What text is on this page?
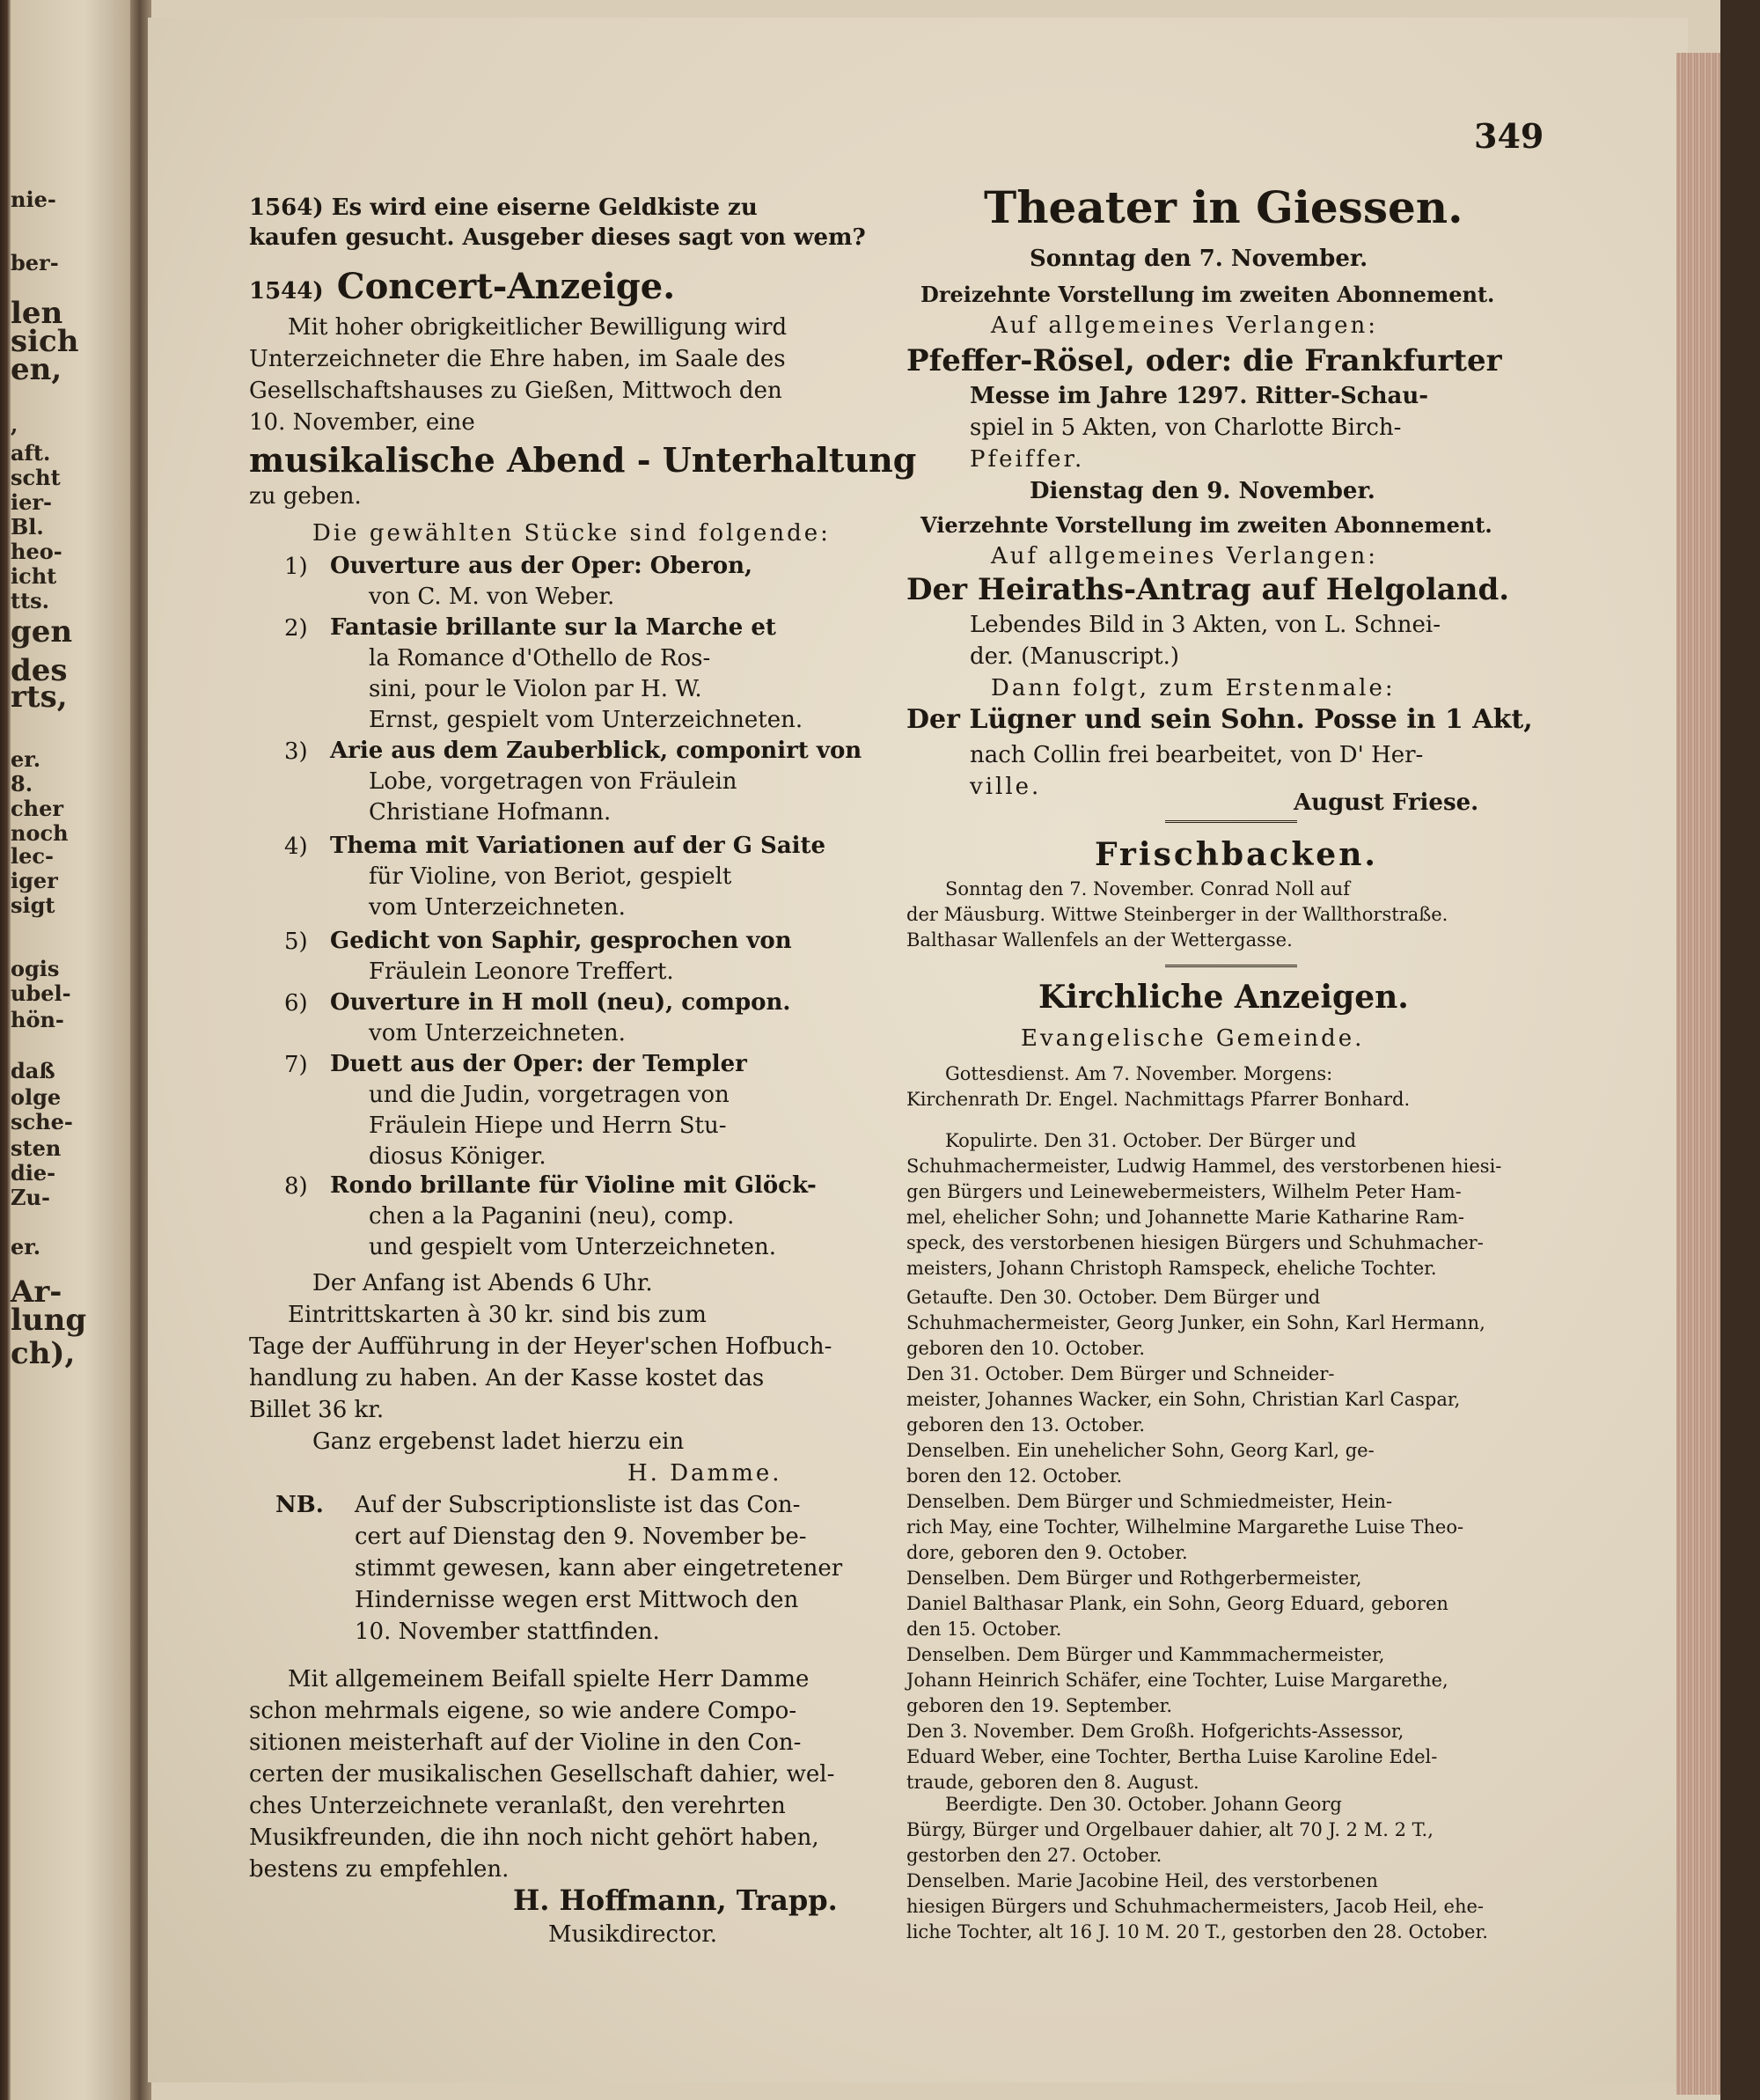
nie-
ber-
len
sich
en,
,
aft.
scht
ier-
Bl.
heo-
icht
tts.
gen
des
rts,
er.
8.
cher
noch
lec-
iger
sigt
ogis
ubel-
hön-
daß
olge
sche-
sten
die-
Zu-
er.
Ar-
lung
ch),
349
1564) Es wird eine eiserne Geldkiste zu
kaufen gesucht. Ausgeber dieses sagt von wem?
1544) Concert-Anzeige.
Mit hoher obrigkeitlicher Bewilligung wird
Unterzeichneter die Ehre haben, im Saale des
Gesellschaftshauses zu Gießen, Mittwoch den
10. November, eine
musikalische Abend - Unterhaltung
zu geben.
Die gewählten Stücke sind folgende:
1) Ouverture aus der Oper: Oberon,
von C. M. von Weber.
2) Fantasie brillante sur la Marche et
la Romance d'Othello de Ros-
sini, pour le Violon par H. W.
Ernst, gespielt vom Unterzeichneten.
3) Arie aus dem Zauberblick, componirt von
Lobe, vorgetragen von Fräulein
Christiane Hofmann.
4) Thema mit Variationen auf der G Saite
für Violine, von Beriot, gespielt
vom Unterzeichneten.
5) Gedicht von Saphir, gesprochen von
Fräulein Leonore Treffert.
6) Ouverture in H moll (neu), compon.
vom Unterzeichneten.
7) Duett aus der Oper: der Templer
und die Judin, vorgetragen von
Fräulein Hiepe und Herrn Stu-
diosus Königer.
8) Rondo brillante für Violine mit Glöck-
chen a la Paganini (neu), comp.
und gespielt vom Unterzeichneten.
Der Anfang ist Abends 6 Uhr.
Eintrittskarten à 30 kr. sind bis zum
Tage der Aufführung in der Heyer'schen Hofbuch-
handlung zu haben. An der Kasse kostet das
Billet 36 kr.
Ganz ergebenst ladet hierzu ein
H. Damme.
NB. Auf der Subscriptionsliste ist das Con-
cert auf Dienstag den 9. November be-
stimmt gewesen, kann aber eingetretener
Hindernisse wegen erst Mittwoch den
10. November stattfinden.
Mit allgemeinem Beifall spielte Herr Damme
schon mehrmals eigene, so wie andere Compo-
sitionen meisterhaft auf der Violine in den Con-
certen der musikalischen Gesellschaft dahier, wel-
ches Unterzeichnete veranlaßt, den verehrten
Musikfreunden, die ihn noch nicht gehört haben,
bestens zu empfehlen.
H. Hoffmann, Trapp.
Musikdirector.
Theater in Giessen.
Sonntag den 7. November.
Dreizehnte Vorstellung im zweiten Abonnement.
Auf allgemeines Verlangen:
Pfeffer-Rösel, oder: die Frankfurter
Messe im Jahre 1297. Ritter-Schau-
spiel in 5 Akten, von Charlotte Birch-
Pfeiffer.
Dienstag den 9. November.
Vierzehnte Vorstellung im zweiten Abonnement.
Auf allgemeines Verlangen:
Der Heiraths-Antrag auf Helgoland.
Lebendes Bild in 3 Akten, von L. Schnei-
der. (Manuscript.)
Dann folgt, zum Erstenmale:
Der Lügner und sein Sohn. Posse in 1 Akt,
nach Collin frei bearbeitet, von D' Her-
ville.
August Friese.
Frischbacken.
Sonntag den 7. November. Conrad Noll auf
der Mäusburg. Wittwe Steinberger in der Wallthorstraße.
Balthasar Wallenfels an der Wettergasse.
Kirchliche Anzeigen.
Evangelische Gemeinde.
Gottesdienst. Am 7. November. Morgens:
Kirchenrath Dr. Engel. Nachmittags Pfarrer Bonhard.
Kopulirte. Den 31. October. Der Bürger und
Schuhmachermeister, Ludwig Hammel, des verstorbenen hiesi-
gen Bürgers und Leinewebermeisters, Wilhelm Peter Ham-
mel, ehelicher Sohn; und Johannette Marie Katharine Ram-
speck, des verstorbenen hiesigen Bürgers und Schuhmacher-
meisters, Johann Christoph Ramspeck, eheliche Tochter.
Getaufte. Den 30. October. Dem Bürger und
Schuhmachermeister, Georg Junker, ein Sohn, Karl Hermann,
geboren den 10. October.
Den 31. October. Dem Bürger und Schneider-
meister, Johannes Wacker, ein Sohn, Christian Karl Caspar,
geboren den 13. October.
Denselben. Ein unehelicher Sohn, Georg Karl, ge-
boren den 12. October.
Denselben. Dem Bürger und Schmiedmeister, Hein-
rich May, eine Tochter, Wilhelmine Margarethe Luise Theo-
dore, geboren den 9. October.
Denselben. Dem Bürger und Rothgerbermeister,
Daniel Balthasar Plank, ein Sohn, Georg Eduard, geboren
den 15. October.
Denselben. Dem Bürger und Kammmachermeister,
Johann Heinrich Schäfer, eine Tochter, Luise Margarethe,
geboren den 19. September.
Den 3. November. Dem Großh. Hofgerichts-Assessor,
Eduard Weber, eine Tochter, Bertha Luise Karoline Edel-
traude, geboren den 8. August.
Beerdigte. Den 30. October. Johann Georg
Bürgy, Bürger und Orgelbauer dahier, alt 70 J. 2 M. 2 T.,
gestorben den 27. October.
Denselben. Marie Jacobine Heil, des verstorbenen
hiesigen Bürgers und Schuhmachermeisters, Jacob Heil, ehe-
liche Tochter, alt 16 J. 10 M. 20 T., gestorben den 28. October.
